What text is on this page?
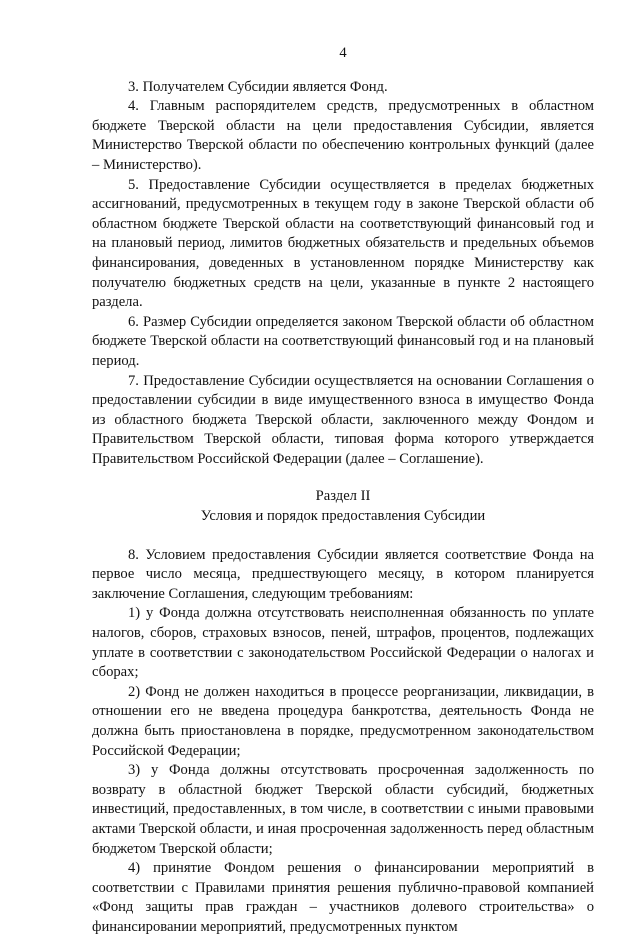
4

3. Получателем Субсидии является Фонд.

4. Главным распорядителем средств, предусмотренных в областном бюджете Тверской области на цели предоставления Субсидии, является Министерство Тверской области по обеспечению контрольных функций (далее – Министерство).

5. Предоставление Субсидии осуществляется в пределах бюджетных ассигнований, предусмотренных в текущем году в законе Тверской области об областном бюджете Тверской области на соответствующий финансовый год и на плановый период, лимитов бюджетных обязательств и предельных объемов финансирования, доведенных в установленном порядке Министерству как получателю бюджетных средств на цели, указанные в пункте 2 настоящего раздела.

6. Размер Субсидии определяется законом Тверской области об областном бюджете Тверской области на соответствующий финансовый год и на плановый период.

7. Предоставление Субсидии осуществляется на основании Соглашения о предоставлении субсидии в виде имущественного взноса в имущество Фонда из областного бюджета Тверской области, заключенного между Фондом и Правительством Тверской области, типовая форма которого утверждается Правительством Российской Федерации (далее – Соглашение).

Раздел II

Условия и порядок предоставления Субсидии

8. Условием предоставления Субсидии является соответствие Фонда на первое число месяца, предшествующего месяцу, в котором планируется заключение Соглашения, следующим требованиям:

1) у Фонда должна отсутствовать неисполненная обязанность по уплате налогов, сборов, страховых взносов, пеней, штрафов, процентов, подлежащих уплате в соответствии с законодательством Российской Федерации о налогах и сборах;

2) Фонд не должен находиться в процессе реорганизации, ликвидации, в отношении его не введена процедура банкротства, деятельность Фонда не должна быть приостановлена в порядке, предусмотренном законодательством Российской Федерации;

3) у Фонда должны отсутствовать просроченная задолженность по возврату в областной бюджет Тверской области субсидий, бюджетных инвестиций, предоставленных, в том числе, в соответствии с иными правовыми актами Тверской области, и иная просроченная задолженность перед областным бюджетом Тверской области;

4) принятие Фондом решения о финансировании мероприятий в соответствии с Правилами принятия решения публично-правовой компанией «Фонд защиты прав граждан – участников долевого строительства» о финансировании мероприятий, предусмотренных пунктом
